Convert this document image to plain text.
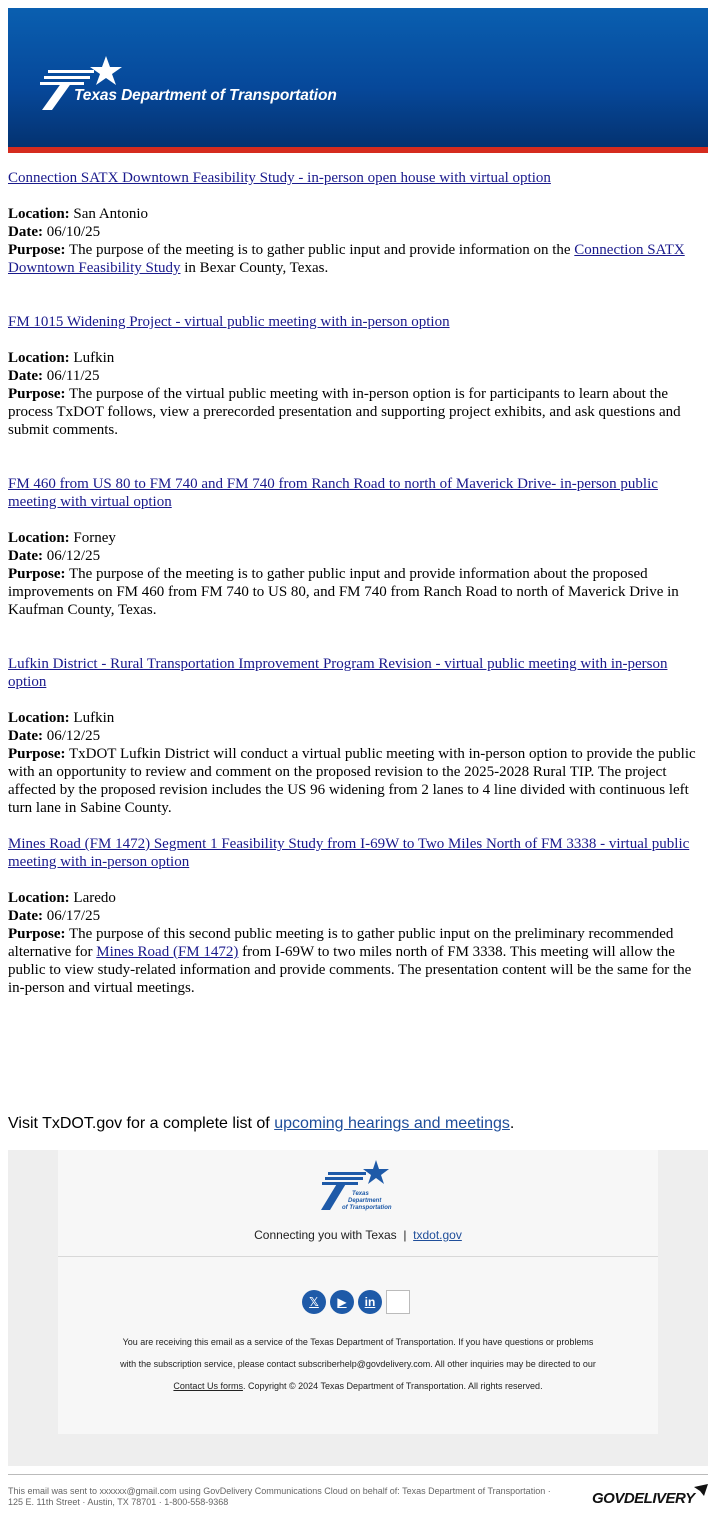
Texas Department of Transportation
Connection SATX Downtown Feasibility Study - in-person open house with virtual option
Location: San Antonio
Date: 06/10/25
Purpose: The purpose of the meeting is to gather public input and provide information on the Connection SATX Downtown Feasibility Study in Bexar County, Texas.
FM 1015 Widening Project - virtual public meeting with in-person option
Location: Lufkin
Date: 06/11/25
Purpose: The purpose of the virtual public meeting with in-person option is for participants to learn about the process TxDOT follows, view a prerecorded presentation and supporting project exhibits, and ask questions and submit comments.
FM 460 from US 80 to FM 740 and FM 740 from Ranch Road to north of Maverick Drive- in-person public meeting with virtual option
Location: Forney
Date: 06/12/25
Purpose: The purpose of the meeting is to gather public input and provide information about the proposed improvements on FM 460 from FM 740 to US 80, and FM 740 from Ranch Road to north of Maverick Drive in Kaufman County, Texas.
Lufkin District - Rural Transportation Improvement Program Revision - virtual public meeting with in-person option
Location: Lufkin
Date: 06/12/25
Purpose: TxDOT Lufkin District will conduct a virtual public meeting with in-person option to provide the public with an opportunity to review and comment on the proposed revision to the 2025-2028 Rural TIP. The project affected by the proposed revision includes the US 96 widening from 2 lanes to 4 line divided with continuous left turn lane in Sabine County.
Mines Road (FM 1472) Segment 1 Feasibility Study from I-69W to Two Miles North of FM 3338 - virtual public meeting with in-person option
Location: Laredo
Date: 06/17/25
Purpose: The purpose of this second public meeting is to gather public input on the preliminary recommended alternative for Mines Road (FM 1472) from I-69W to two miles north of FM 3338. This meeting will allow the public to view study-related information and provide comments. The presentation content will be the same for the in-person and virtual meetings.
Visit TxDOT.gov for a complete list of upcoming hearings and meetings.
Texas
Department
of Transportation
Connecting you with Texas | txdot.gov
𝕏	▶	in
You are receiving this email as a service of the Texas Department of Transportation. If you have questions or problems
with the subscription service, please contact subscriberhelp@govdelivery.com. All other inquiries may be directed to our
Contact Us forms. Copyright © 2024 Texas Department of Transportation. All rights reserved.
This email was sent to xxxxxx@gmail.com using GovDelivery Communications Cloud on behalf of: Texas Department of Transportation · 125 E. 11th Street · Austin, TX 78701 · 1-800-558-9368	GOVDELIVERY
